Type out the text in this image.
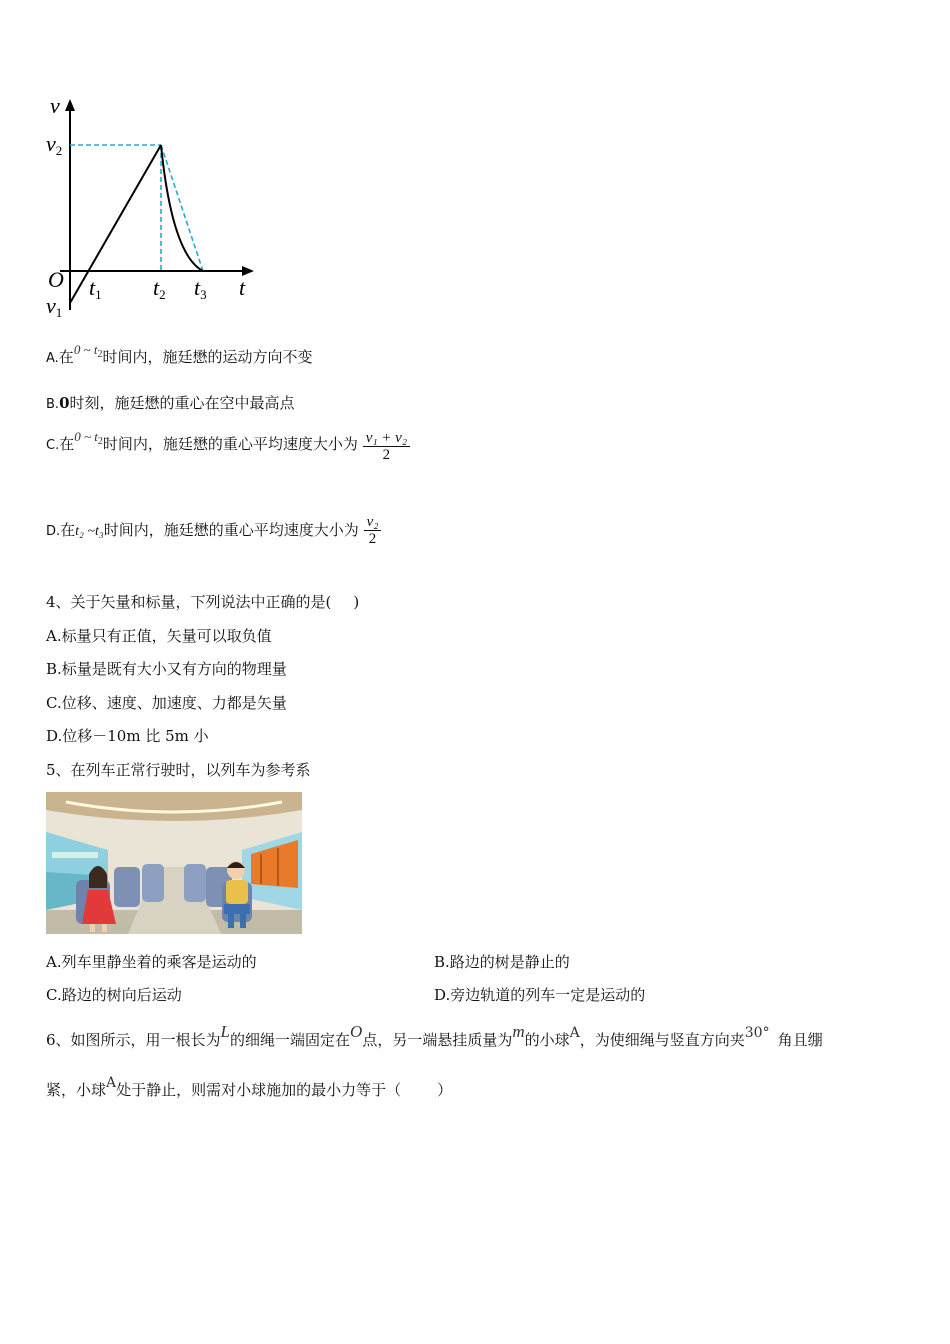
v
v2
O
v1
t1 t2 t3 t
A.在0 ~ $t_2$时间内，施廷懋的运动方向不变
B.0时刻，施廷懋的重心在空中最高点
C.在0 ~ $t_2$时间内，施廷懋的重心平均速度大小为 $\frac{\text{v₁ + v₂}}{2}$
D.在t₂ ~t₃时间内，施廷懋的重心平均速度大小为 $\frac{\text{v₂}}{2}$
4、关于矢量和标量，下列说法中正确的是( )
A.标量只有正值，矢量可以取负值
B.标量是既有大小又有方向的物理量
C.位移、速度、加速度、力都是矢量
D.位移－10m 比 5m 小
5、在列车正常行驶时，以列车为参考系
A.列车里静坐着的乘客是运动的	B.路边的树是静止的
C.路边的树向后运动	D.旁边轨道的列车一定是运动的
6、如图所示，用一根长为L的细绳一端固定在O点，另一端悬挂质量为m的小球A，为使细绳与竖直方向夹30° 角且绷
紧，小球A处于静止，则需对小球施加的最小力等于（ ）
